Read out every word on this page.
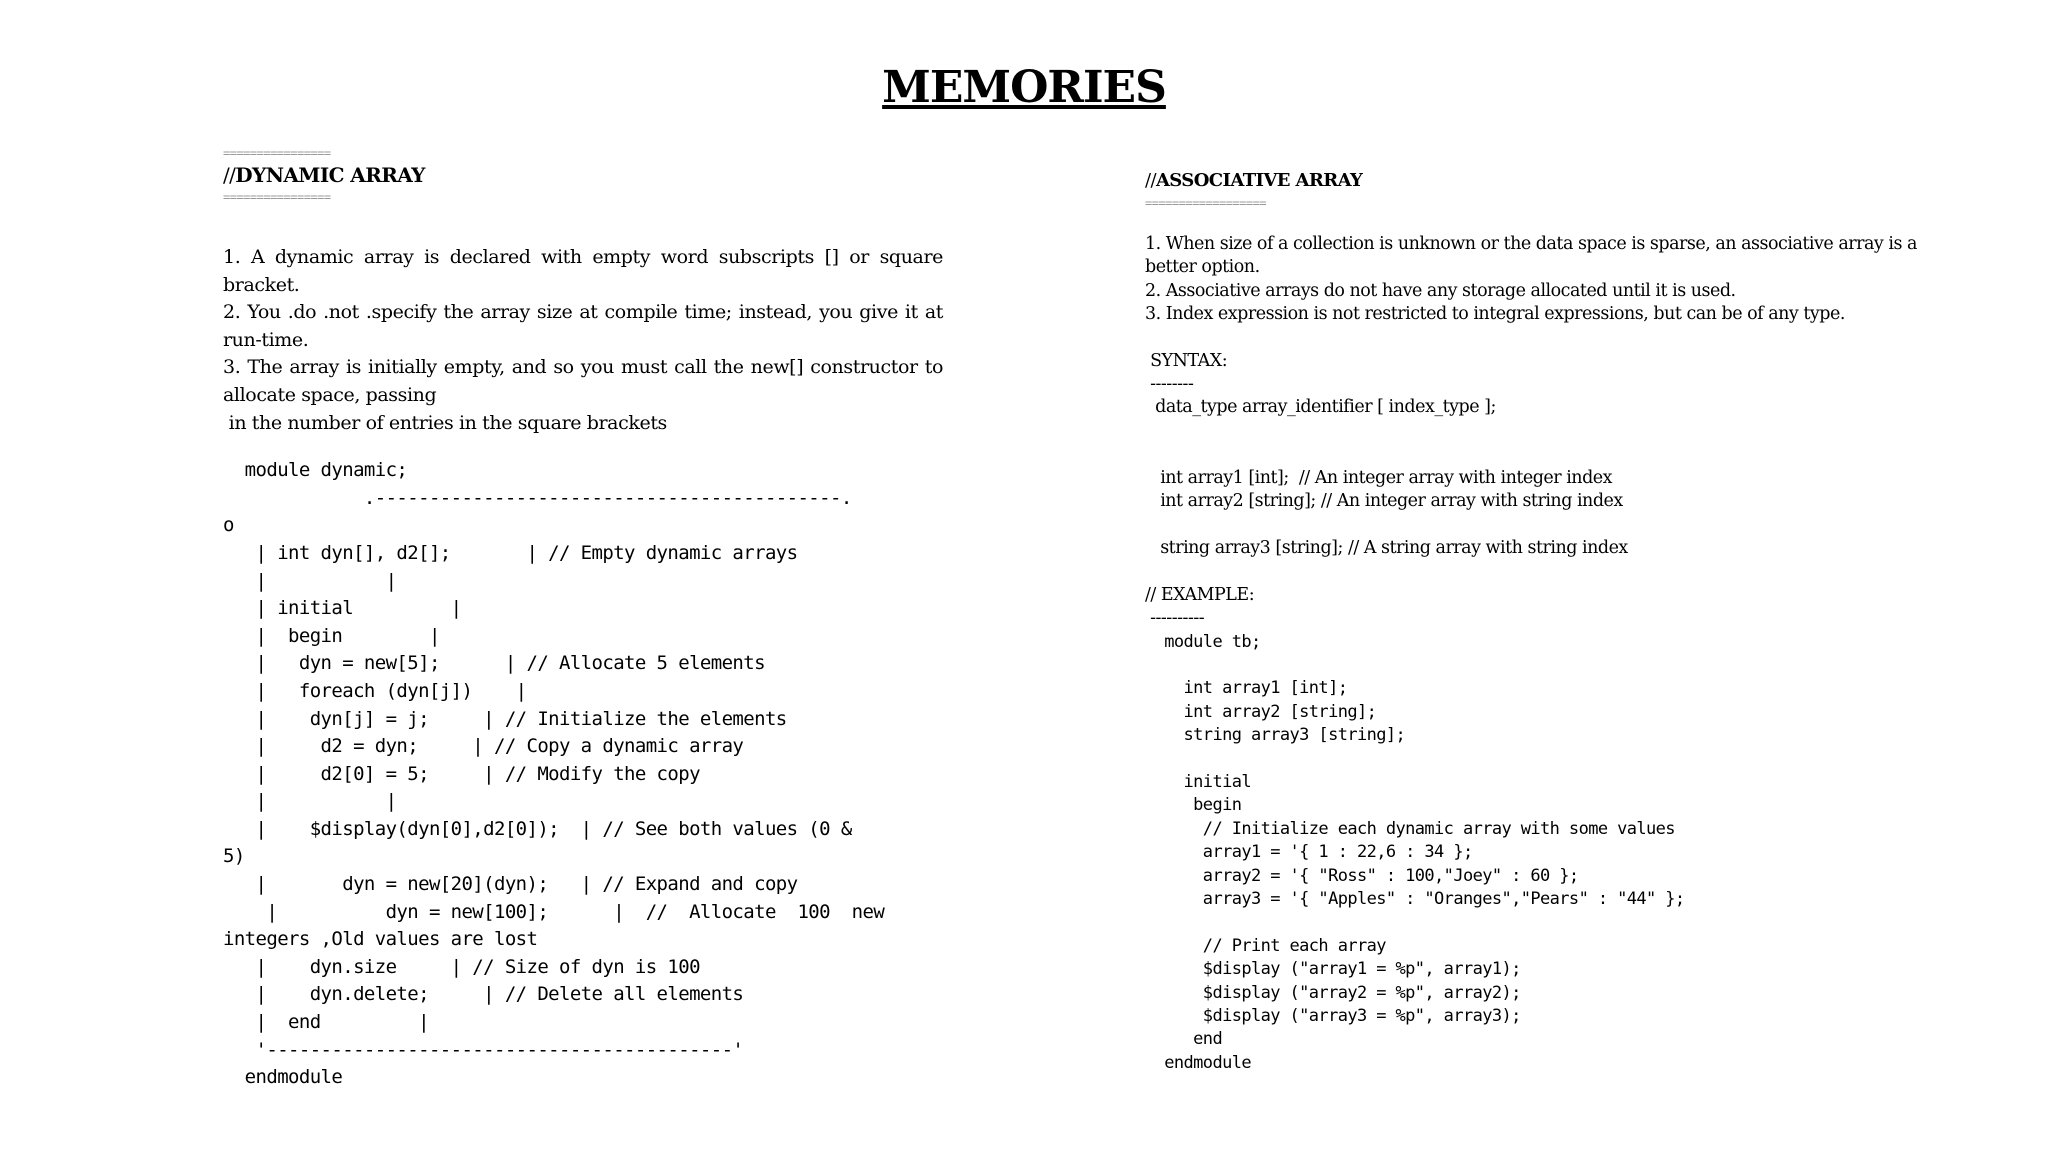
MEMORIES
================
//DYNAMIC ARRAY
================
1. A dynamic array is declared with empty word subscripts [] or square bracket.
2. You .do .not .specify the array size at compile time; instead, you give it at run-time.
3. The array is initially empty, and so you must call the new[] constructor to allocate space, passing
in the number of entries in the square brackets
module dynamic;
.-------------------------------------------.
o
| int dyn[], d2[];       | // Empty dynamic arrays
|           |
| initial         |
|  begin        |
|   dyn = new[5];      | // Allocate 5 elements
|   foreach (dyn[j])    |
|    dyn[j] = j;     | // Initialize the elements
|     d2 = dyn;     | // Copy a dynamic array
|     d2[0] = 5;     | // Modify the copy
|           |
|    $display(dyn[0],d2[0]);  | // See both values (0 &
5)
|       dyn = new[20](dyn);   | // Expand and copy
|          dyn = new[100];      |  //  Allocate  100  new
integers ,Old values are lost
|    dyn.size     | // Size of dyn is 100
|    dyn.delete;     | // Delete all elements
|  end         |
'-------------------------------------------'
endmodule
//ASSOCIATIVE ARRAY
==================
1. When size of a collection is unknown or the data space is sparse, an associative array is a better option.
2. Associative arrays do not have any storage allocated until it is used.
3. Index expression is not restricted to integral expressions, but can be of any type.
SYNTAX:
--------
data_type array_identifier [ index_type ];

int array1 [int];  // An integer array with integer index
int array2 [string]; // An integer array with string index

string array3 [string]; // A string array with string index

// EXAMPLE:
----------
module tb;

int array1 [int];
int array2 [string];
string array3 [string];

initial
begin
// Initialize each dynamic array with some values
array1 = '{ 1 : 22,6 : 34 };
array2 = '{ "Ross" : 100,"Joey" : 60 };
array3 = '{ "Apples" : "Oranges","Pears" : "44" };

// Print each array
$display ("array1 = %p", array1);
$display ("array2 = %p", array2);
$display ("array3 = %p", array3);
end
endmodule
